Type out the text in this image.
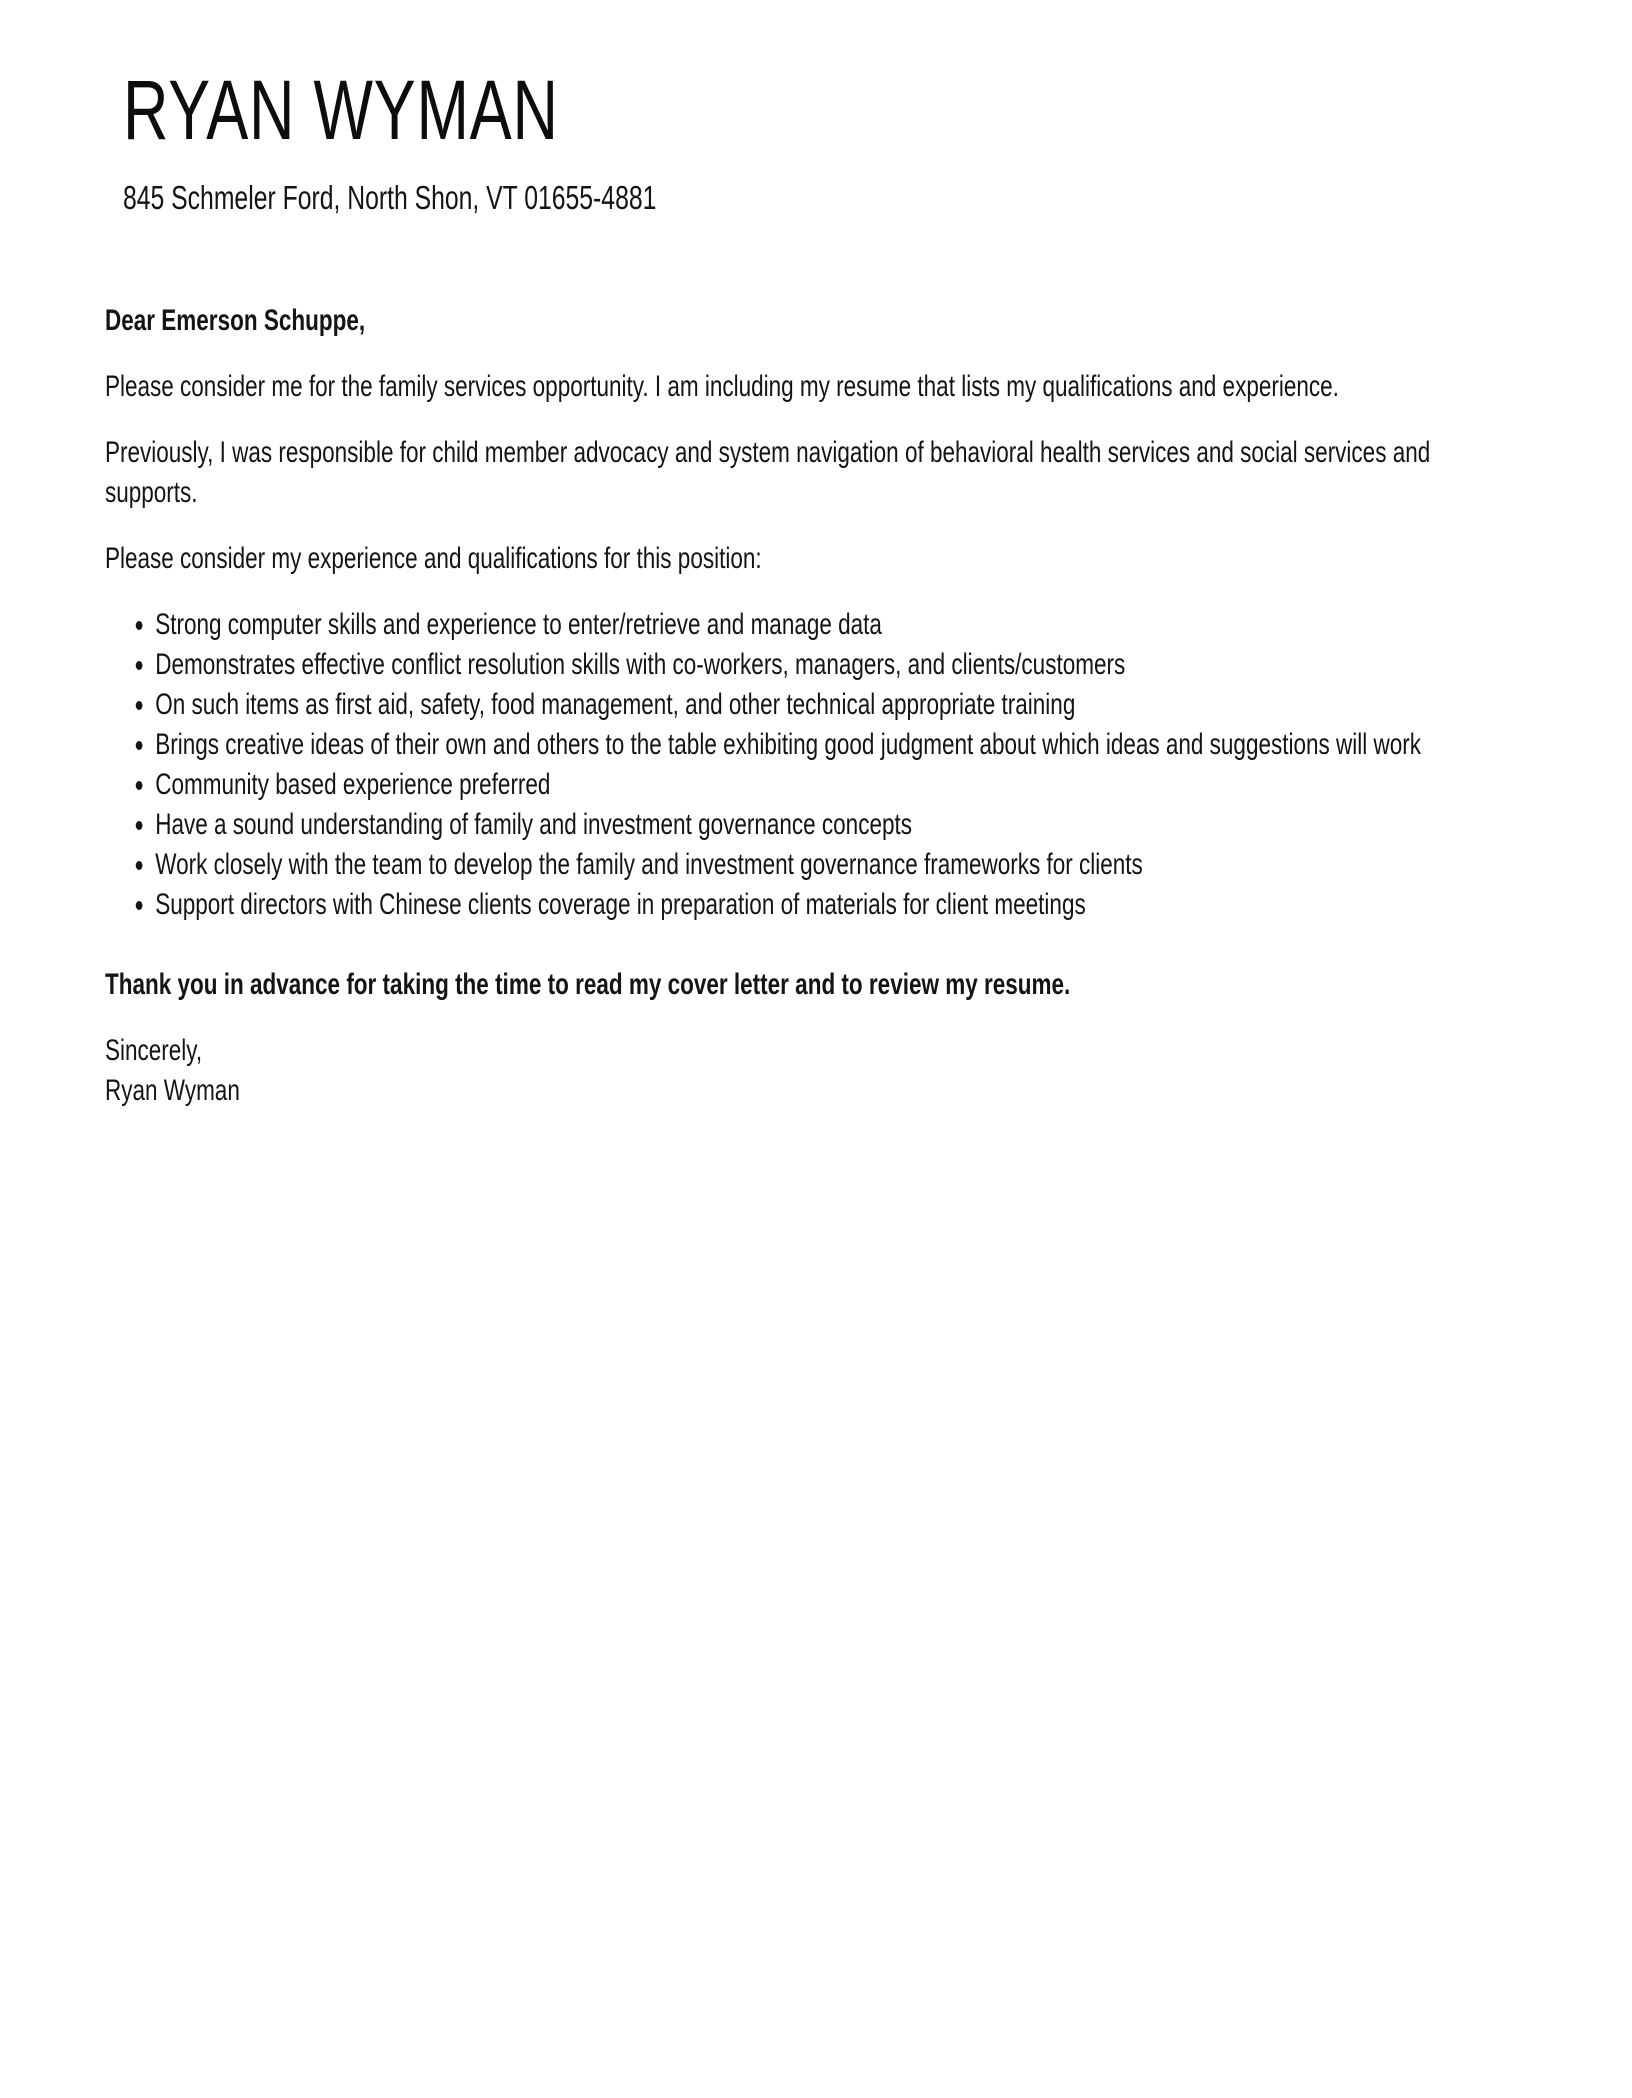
RYAN WYMAN
845 Schmeler Ford, North Shon, VT 01655-4881

Dear Emerson Schuppe,

Please consider me for the family services opportunity. I am including my resume that lists my qualifications and experience.

Previously, I was responsible for child member advocacy and system navigation of behavioral health services and social services and supports.

Please consider my experience and qualifications for this position:

• Strong computer skills and experience to enter/retrieve and manage data
• Demonstrates effective conflict resolution skills with co-workers, managers, and clients/customers
• On such items as first aid, safety, food management, and other technical appropriate training
• Brings creative ideas of their own and others to the table exhibiting good judgment about which ideas and suggestions will work
• Community based experience preferred
• Have a sound understanding of family and investment governance concepts
• Work closely with the team to develop the family and investment governance frameworks for clients
• Support directors with Chinese clients coverage in preparation of materials for client meetings

Thank you in advance for taking the time to read my cover letter and to review my resume.

Sincerely,

Ryan Wyman
